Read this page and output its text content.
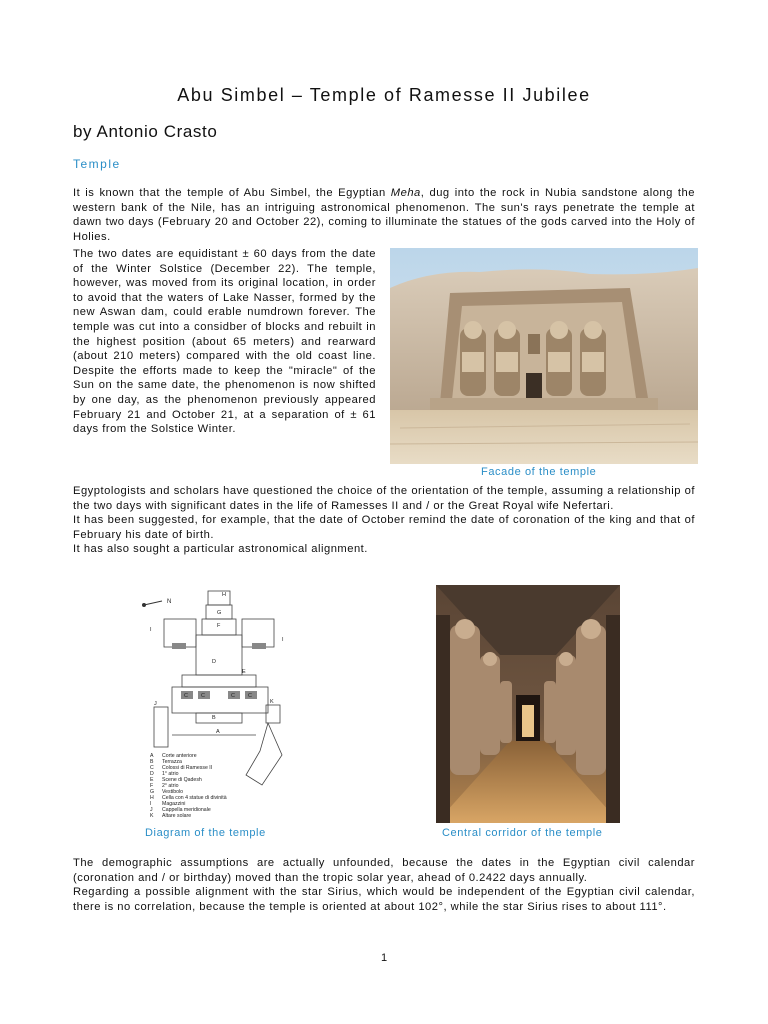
Abu Simbel – Temple of Ramesse II Jubilee
by Antonio Crasto
Temple

It is known that the temple of Abu Simbel, the Egyptian Meha, dug into the rock in Nubia sandstone along the western bank of the Nile, has an intriguing astronomical phenomenon. The sun's rays penetrate the temple at dawn two days (February 20 and October 22), coming to illuminate the statues of the gods carved into the Holy of Holies.

The two dates are equidistant ± 60 days from the date of the Winter Solstice (December 22). The temple, however, was moved from its original location, in order to avoid that the waters of Lake Nasser, formed by the new Aswan dam, could erable numdrown forever. The temple was cut into a considber of blocks and rebuilt in the highest position (about 65 meters) and rearward (about 210 meters) compared with the old coast line. Despite the efforts made to keep the "miracle" of the Sun on the same date, the phenomenon is now shifted by one day, as the phenomenon previously appeared February 21 and October 21, at a separation of ± 61 days from the Solstice Winter.

Facade of the temple
Egyptologists and scholars have questioned the choice of the orientation of the temple, assuming a relationship of the two days with significant dates in the life of Ramesses II and / or the Great Royal wife Nefertari.
It has been suggested, for example, that the date of October remind the date of coronation of the king and that of February his date of birth.
It has also sought a particular astronomical alignment.
N
H
G
F
D
E
C C	C C
B
A
J	K
I
I
A Corte anteriore
B Terrazza
C Colossi di Ramesse II
D 1° atrio
E Scene di Qadesh
F 2° atrio
G Vestibolo
H Cella con 4 statue di divinità
I Magazzini
J Cappella meridionale
K Altare solare
Diagram of the temple	Central corridor of the temple
The demographic assumptions are actually unfounded, because the dates in the Egyptian civil calendar (coronation and / or birthday) moved than the tropic solar year, ahead of 0.2422 days annually.
Regarding a possible alignment with the star Sirius, which would be independent of the Egyptian civil calendar, there is no correlation, because the temple is oriented at about 102°, while the star Sirius rises to about 111°.
1
